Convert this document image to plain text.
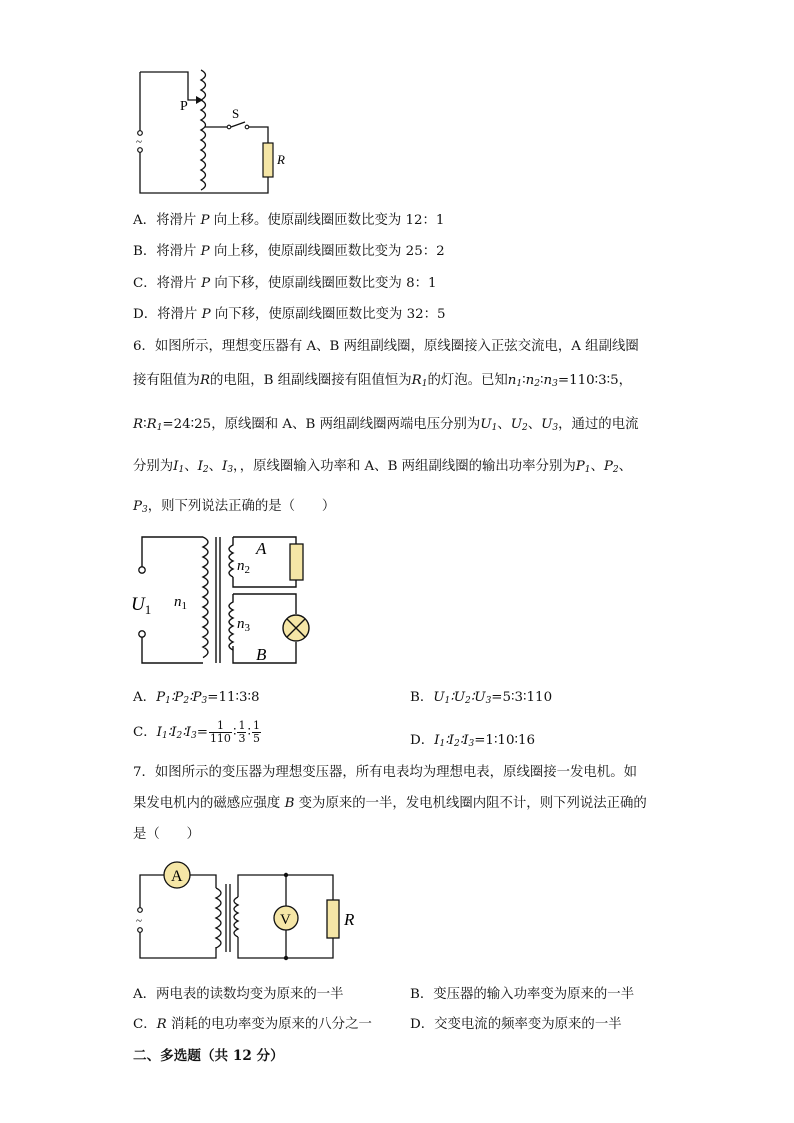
P	S
R
~
A．将滑片 P 向上移。使原副线圈匝数比变为 12：1
B．将滑片 P 向上移，使原副线圈匝数比变为 25：2
C．将滑片 P 向下移，使原副线圈匝数比变为 8：1
D．将滑片 P 向下移，使原副线圈匝数比变为 32：5
6．如图所示，理想变压器有 A、B 两组副线圈，原线圈接入正弦交流电，A 组副线圈
接有阻值为R的电阻，B 组副线圈接有阻值恒为$R_1$的灯泡。已知$n_1∶n_2∶n_3=110∶3∶5$，
$R∶R_1=24∶25$，原线圈和 A、B 两组副线圈两端电压分别为$U_1$、$U_2$、$U_3$，通过的电流
分别为$I_1$、$I_2$、$I_3$，，原线圈输入功率和 A、B 两组副线圈的输出功率分别为$P_1$、$P_2$、
$P_3$，则下列说法正确的是（　　）
$U_1$ $n_1$
$n_2$
$n_3$
A
B
A．$P_1∶P_2∶P_3=11∶3∶8$	B．$U_1∶U_2∶U_3=5∶3∶110$
C．$I_1∶I_2∶I_3= \frac{1}{110}$ ∶ $\frac{1}{3}$ ∶ $\frac{1}{5}$	D．$I_1∶I_2∶I_3=1∶10∶16$
7．如图所示的变压器为理想变压器，所有电表均为理想电表，原线圈接一发电机。如
果发电机内的磁感应强度 B 变为原来的一半，发电机线圈内阻不计，则下列说法正确的
是（　　）
A
V	R
~
A．两电表的读数均变为原来的一半	B．变压器的输入功率变为原来的一半
C．R 消耗的电功率变为原来的八分之一	D．交变电流的频率变为原来的一半
二、多选题（共 12 分）
